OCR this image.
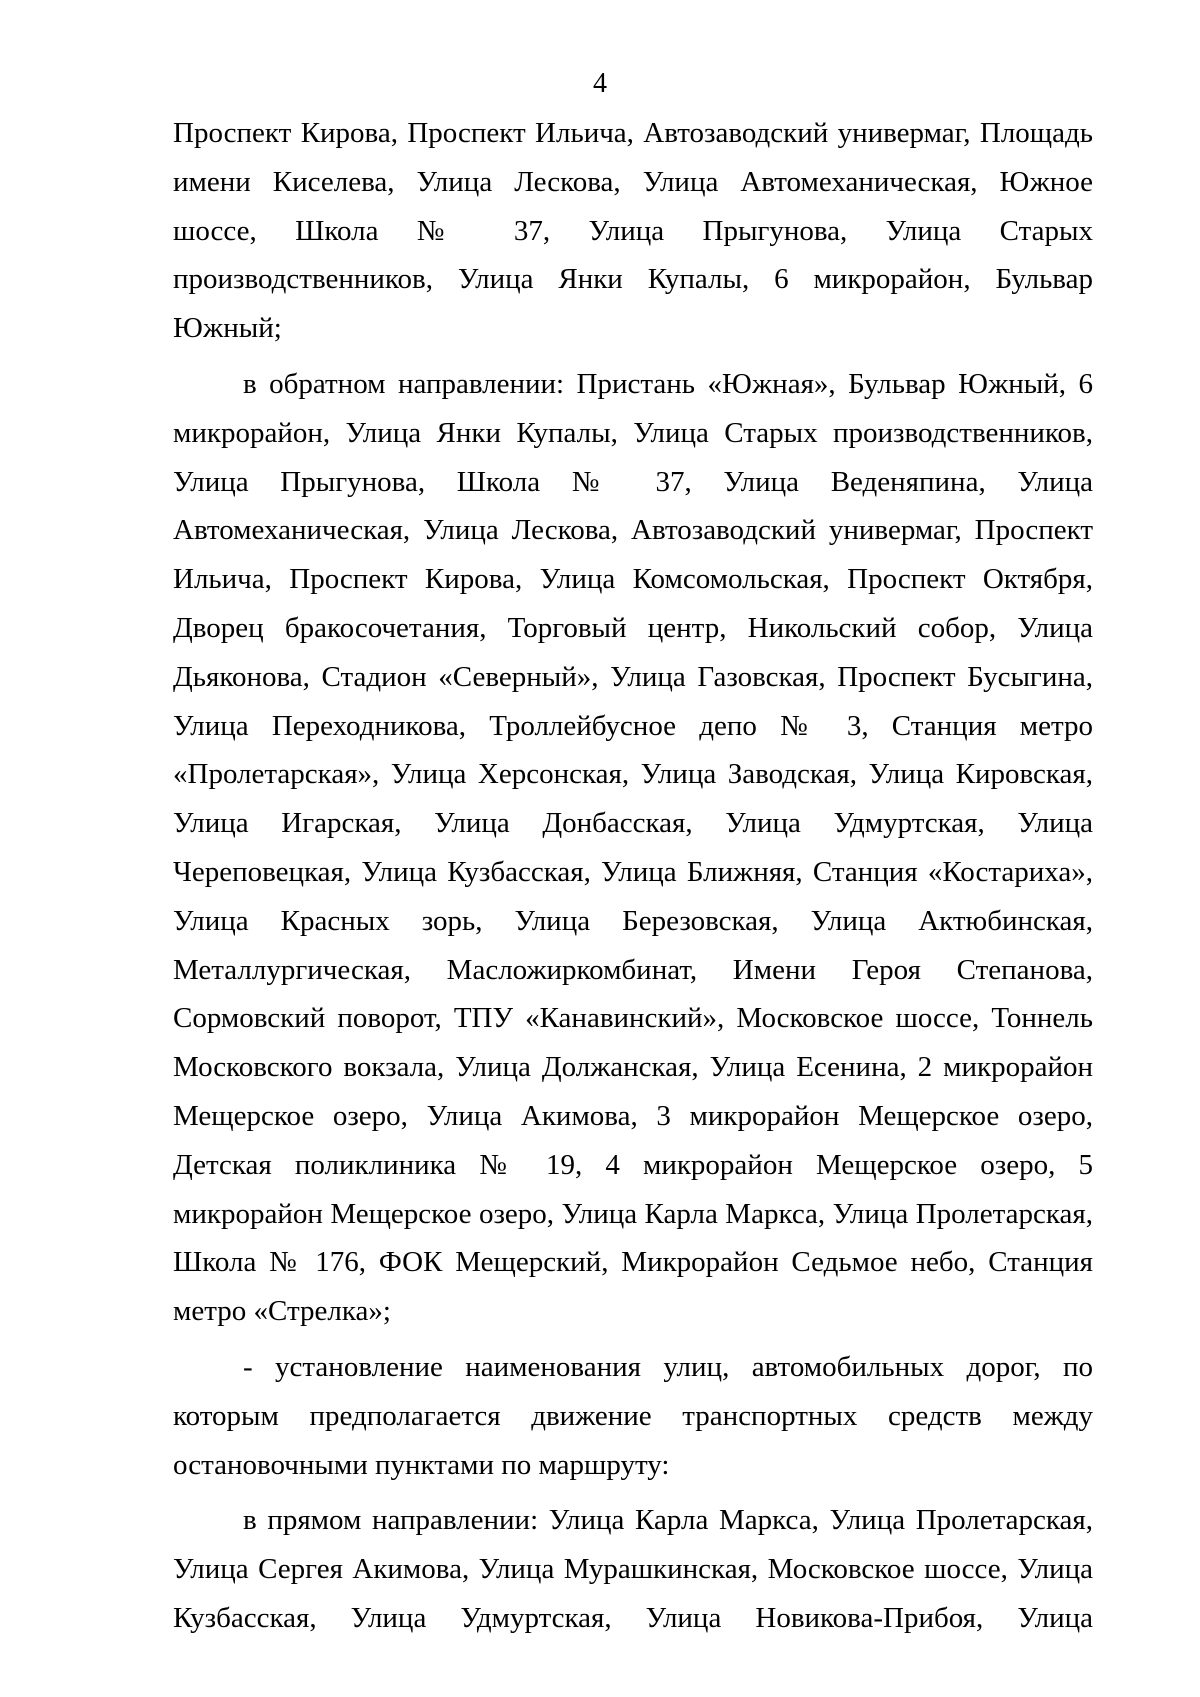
4

Проспект Кирова, Проспект Ильича, Автозаводский универмаг, Площадь имени Киселева, Улица Лескова, Улица Автомеханическая, Южное шоссе, Школа № 37, Улица Прыгунова, Улица Старых производственников, Улица Янки Купалы, 6 микрорайон, Бульвар Южный;

в обратном направлении: Пристань «Южная», Бульвар Южный, 6 микрорайон, Улица Янки Купалы, Улица Старых производственников, Улица Прыгунова, Школа № 37, Улица Веденяпина, Улица Автомеханическая, Улица Лескова, Автозаводский универмаг, Проспект Ильича, Проспект Кирова, Улица Комсомольская, Проспект Октября, Дворец бракосочетания, Торговый центр, Никольский собор, Улица Дьяконова, Стадион «Северный», Улица Газовская, Проспект Бусыгина, Улица Переходникова, Троллейбусное депо № 3, Станция метро «Пролетарская», Улица Херсонская, Улица Заводская, Улица Кировская, Улица Игарская, Улица Донбасская, Улица Удмуртская, Улица Череповецкая, Улица Кузбасская, Улица Ближняя, Станция «Костариха», Улица Красных зорь, Улица Березовская, Улица Актюбинская, Металлургическая, Масложиркомбинат, Имени Героя Степанова, Сормовский поворот, ТПУ «Канавинский», Московское шоссе, Тоннель Московского вокзала, Улица Должанская, Улица Есенина, 2 микрорайон Мещерское озеро, Улица Акимова, 3 микрорайон Мещерское озеро, Детская поликлиника № 19, 4 микрорайон Мещерское озеро, 5 микрорайон Мещерское озеро, Улица Карла Маркса, Улица Пролетарская, Школа № 176, ФОК Мещерский, Микрорайон Седьмое небо, Станция метро «Стрелка»;

- установление наименования улиц, автомобильных дорог, по которым предполагается движение транспортных средств между остановочными пунктами по маршруту:

в прямом направлении: Улица Карла Маркса, Улица Пролетарская, Улица Сергея Акимова, Улица Мурашкинская, Московское шоссе, Улица Кузбасская, Улица Удмуртская, Улица Новикова-Прибоя, Улица
